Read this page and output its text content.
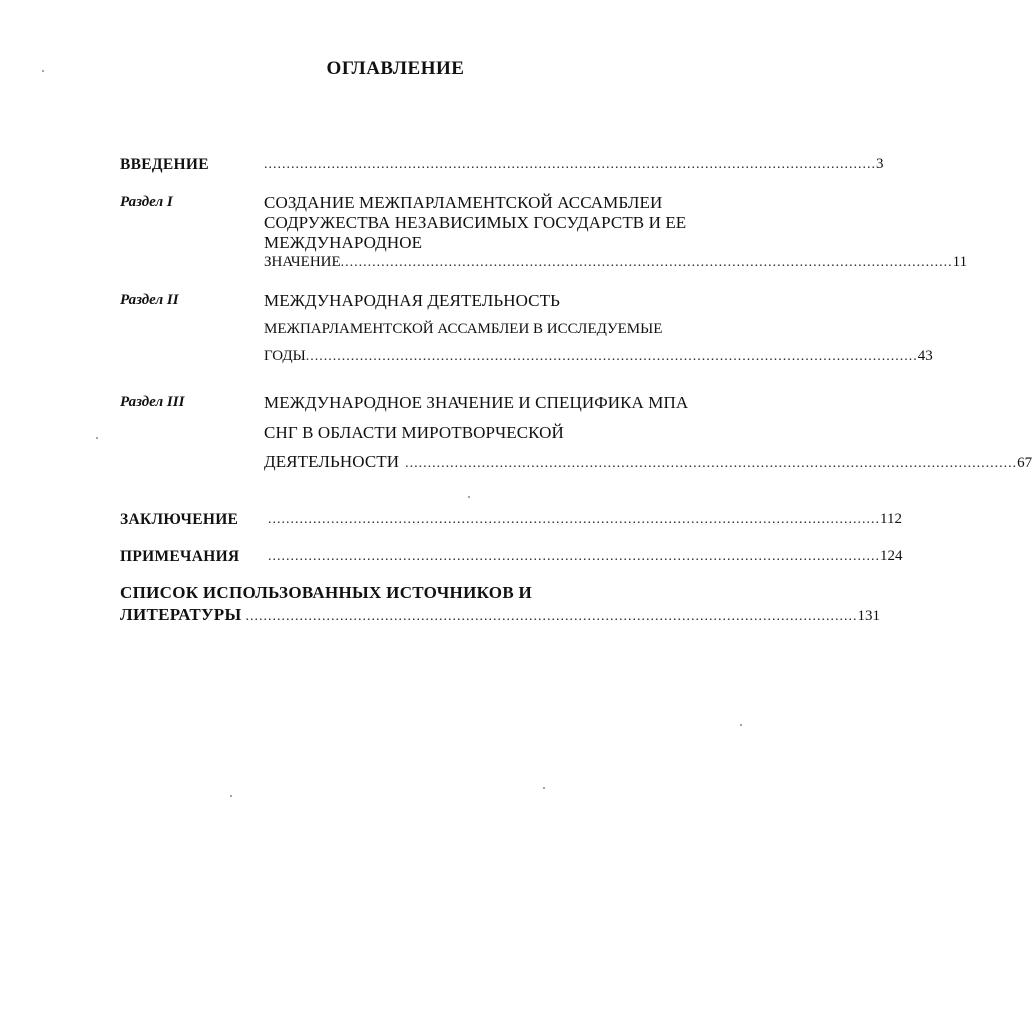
ОГЛАВЛЕНИЕ
ВВЕДЕНИЕ	........................................................................................................................................ 3
Раздел I	СОЗДАНИЕ МЕЖПАРЛАМЕНТСКОЙ АССАМБЛЕИ
СОДРУЖЕСТВА НЕЗАВИСИМЫХ ГОСУДАРСТВ И ЕЕ
МЕЖДУНАРОДНОЕ
ЗНАЧЕНИЕ ........................................................................................................................................ 11
Раздел II	МЕЖДУНАРОДНАЯ ДЕЯТЕЛЬНОСТЬ
МЕЖПАРЛАМЕНТСКОЙ АССАМБЛЕИ В ИССЛЕДУЕМЫЕ
ГОДЫ ........................................................................................................................................ 43
Раздел III	МЕЖДУНАРОДНОЕ ЗНАЧЕНИЕ И СПЕЦИФИКА МПА
СНГ В ОБЛАСТИ МИРОТВОРЧЕСКОЙ
ДЕЯТЕЛЬНОСТИ ........................................................................................................................................ 67
ЗАКЛЮЧЕНИЕ ........................................................................................................................................ 112
ПРИМЕЧАНИЯ ........................................................................................................................................ 124
СПИСОК ИСПОЛЬЗОВАННЫХ ИСТОЧНИКОВ И
ЛИТЕРАТУРЫ ........................................................................................................................................ 131
